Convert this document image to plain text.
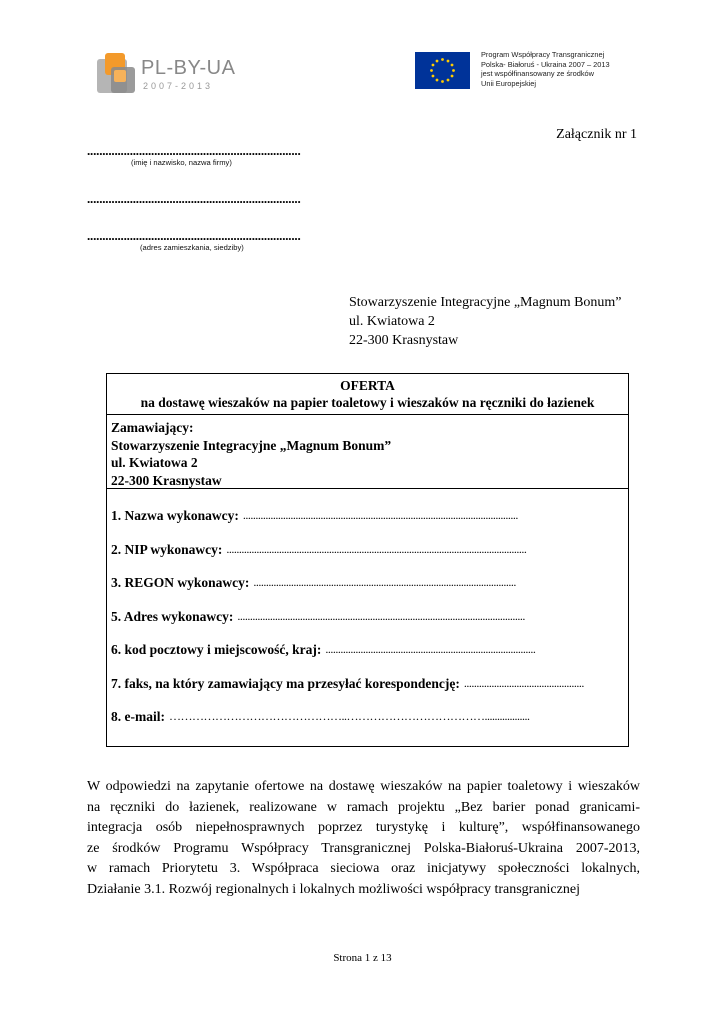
PL-BY-UA
2007-2013
Program Współpracy Transgranicznej
Polska- Białoruś - Ukraina 2007 – 2013
jest współfinansowany ze środków
Unii Europejskiej
Załącznik nr 1
......................................................................
(imię i nazwisko, nazwa firmy)
......................................................................
......................................................................
(adres zamieszkania, siedziby)
Stowarzyszenie Integracyjne „Magnum Bonum”
ul. Kwiatowa 2
22-300 Krasnystaw
OFERTA
na dostawę wieszaków na papier toaletowy i wieszaków na ręczniki do łazienek
Zamawiający:
Stowarzyszenie Integracyjne „Magnum Bonum”
ul. Kwiatowa 2
22-300 Krasnystaw
1. Nazwa wykonawcy: ..............................................................................................................
2. NIP wykonawcy: ........................................................................................................................
3. REGON wykonawcy: .........................................................................................................
5. Adres wykonawcy: ...................................................................................................................
6. kod pocztowy i miejscowość, kraj: ....................................................................................
7. faks, na który zamawiający ma przesyłać korespondencję: ................................................
8. e-mail: ………………………………………..………………………………..................
W odpowiedzi na zapytanie ofertowe na dostawę wieszaków na papier toaletowy i wieszaków
na ręczniki do łazienek, realizowane w ramach projektu „Bez barier ponad granicami-
integracja osób niepełnosprawnych poprzez turystykę i kulturę”, współfinansowanego
ze środków Programu Współpracy Transgranicznej Polska-Białoruś-Ukraina 2007-2013,
w ramach Priorytetu 3. Współpraca sieciowa oraz inicjatywy społeczności lokalnych,
Działanie 3.1. Rozwój regionalnych i lokalnych możliwości współpracy transgranicznej
Strona 1 z 13
